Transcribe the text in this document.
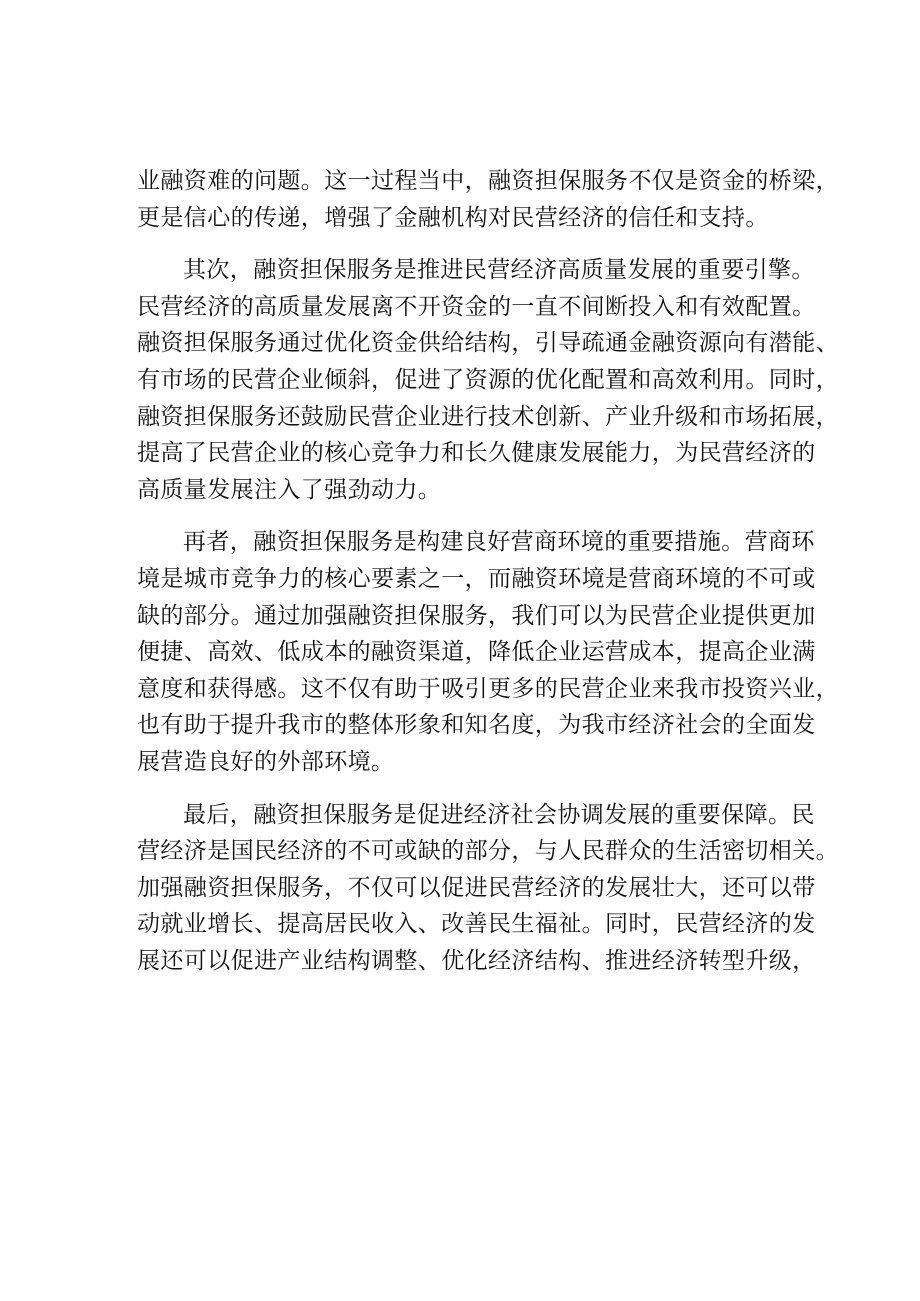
业融资难的问题。这一过程当中，融资担保服务不仅是资金的桥梁，
更是信心的传递，增强了金融机构对民营经济的信任和支持。

其次，融资担保服务是推进民营经济高质量发展的重要引擎。
民营经济的高质量发展离不开资金的一直不间断投入和有效配置。
融资担保服务通过优化资金供给结构，引导疏通金融资源向有潜能、
有市场的民营企业倾斜，促进了资源的优化配置和高效利用。同时，
融资担保服务还鼓励民营企业进行技术创新、产业升级和市场拓展，
提高了民营企业的核心竞争力和长久健康发展能力，为民营经济的
高质量发展注入了强劲动力。

再者，融资担保服务是构建良好营商环境的重要措施。营商环
境是城市竞争力的核心要素之一，而融资环境是营商环境的不可或
缺的部分。通过加强融资担保服务，我们可以为民营企业提供更加
便捷、高效、低成本的融资渠道，降低企业运营成本，提高企业满
意度和获得感。这不仅有助于吸引更多的民营企业来我市投资兴业，
也有助于提升我市的整体形象和知名度，为我市经济社会的全面发
展营造良好的外部环境。

最后，融资担保服务是促进经济社会协调发展的重要保障。民
营经济是国民经济的不可或缺的部分，与人民群众的生活密切相关。
加强融资担保服务，不仅可以促进民营经济的发展壮大，还可以带
动就业增长、提高居民收入、改善民生福祉。同时，民营经济的发
展还可以促进产业结构调整、优化经济结构、推进经济转型升级，
